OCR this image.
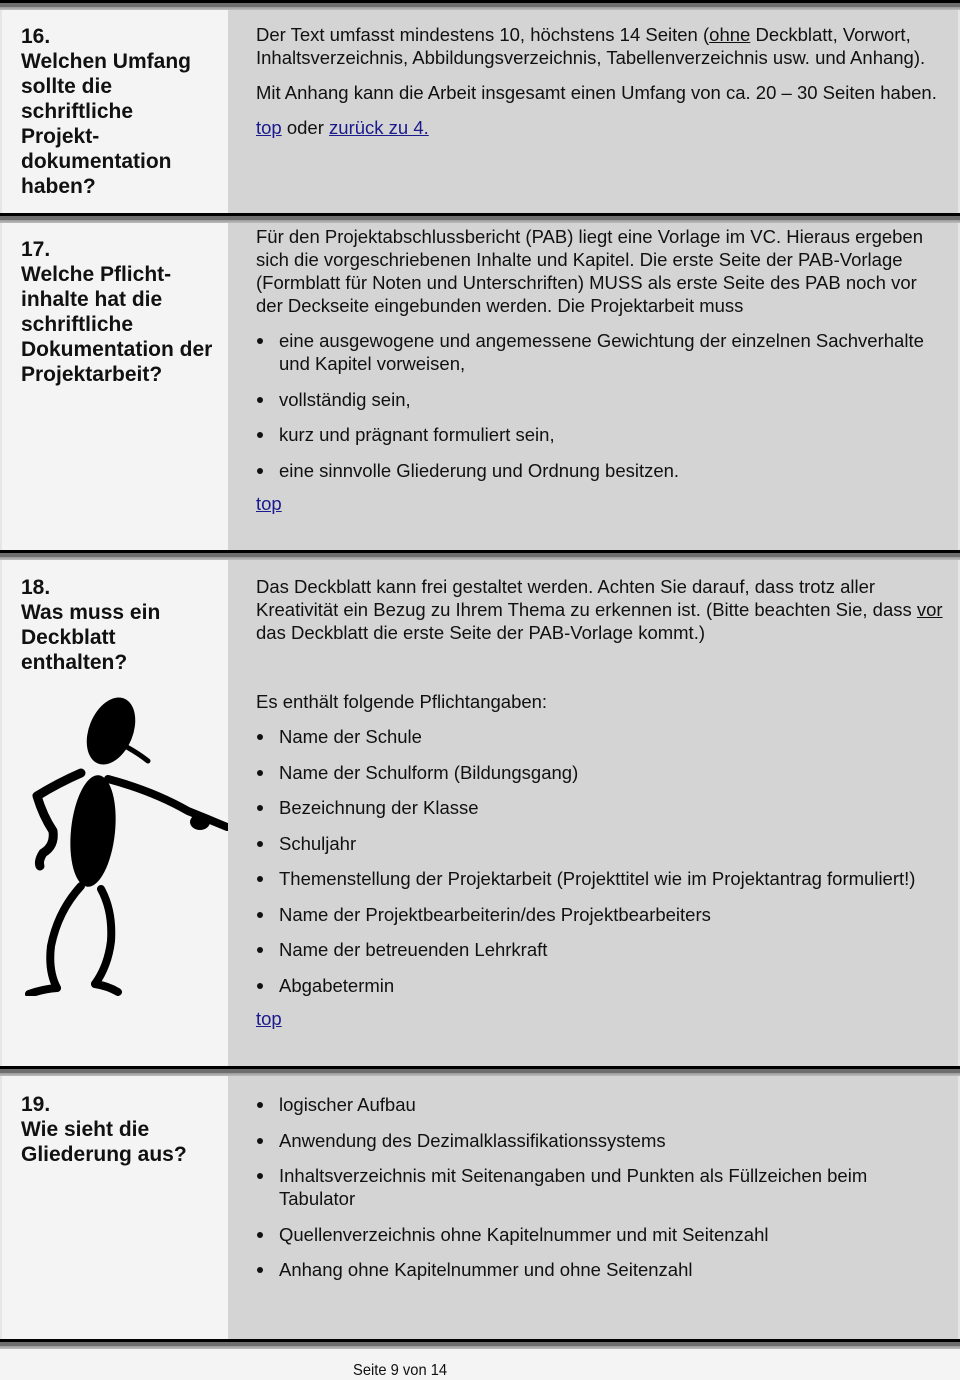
16.
Welchen Umfang sollte die schriftliche Projekt-dokumentation haben?

Der Text umfasst mindestens 10, höchstens 14 Seiten (ohne Deckblatt, Vorwort, Inhaltsverzeichnis, Abbildungsverzeichnis, Tabellenverzeichnis usw. und Anhang).

Mit Anhang kann die Arbeit insgesamt einen Umfang von ca. 20 – 30 Seiten haben.

top oder zurück zu 4.

17.
Welche Pflicht-inhalte hat die schriftliche Dokumentation der Projektarbeit?

Für den Projektabschlussbericht (PAB) liegt eine Vorlage im VC. Hieraus ergeben sich die vorgeschriebenen Inhalte und Kapitel. Die erste Seite der PAB-Vorlage (Formblatt für Noten und Unterschriften) MUSS als erste Seite des PAB noch vor der Deckseite eingebunden werden. Die Projektarbeit muss

eine ausgewogene und angemessene Gewichtung der einzelnen Sachverhalte und Kapitel vorweisen,
vollständig sein,
kurz und prägnant formuliert sein,
eine sinnvolle Gliederung und Ordnung besitzen.

top

18.
Was muss ein Deckblatt enthalten?

Das Deckblatt kann frei gestaltet werden. Achten Sie darauf, dass trotz aller Kreativität ein Bezug zu Ihrem Thema zu erkennen ist. (Bitte beachten Sie, dass vor das Deckblatt die erste Seite der PAB-Vorlage kommt.)

Es enthält folgende Pflichtangaben:

Name der Schule
Name der Schulform (Bildungsgang)
Bezeichnung der Klasse
Schuljahr
Themenstellung der Projektarbeit (Projekttitel wie im Projektantrag formuliert!)
Name der Projektbearbeiterin/des Projektbearbeiters
Name der betreuenden Lehrkraft
Abgabetermin

top

19.
Wie sieht die Gliederung aus?
logischer Aufbau
Anwendung des Dezimalklassifikationssystems
Inhaltsverzeichnis mit Seitenangaben und Punkten als Füllzeichen beim Tabulator
Quellenverzeichnis ohne Kapitelnummer und mit Seitenzahl
Anhang ohne Kapitelnummer und ohne Seitenzahl
Seite 9 von 14
